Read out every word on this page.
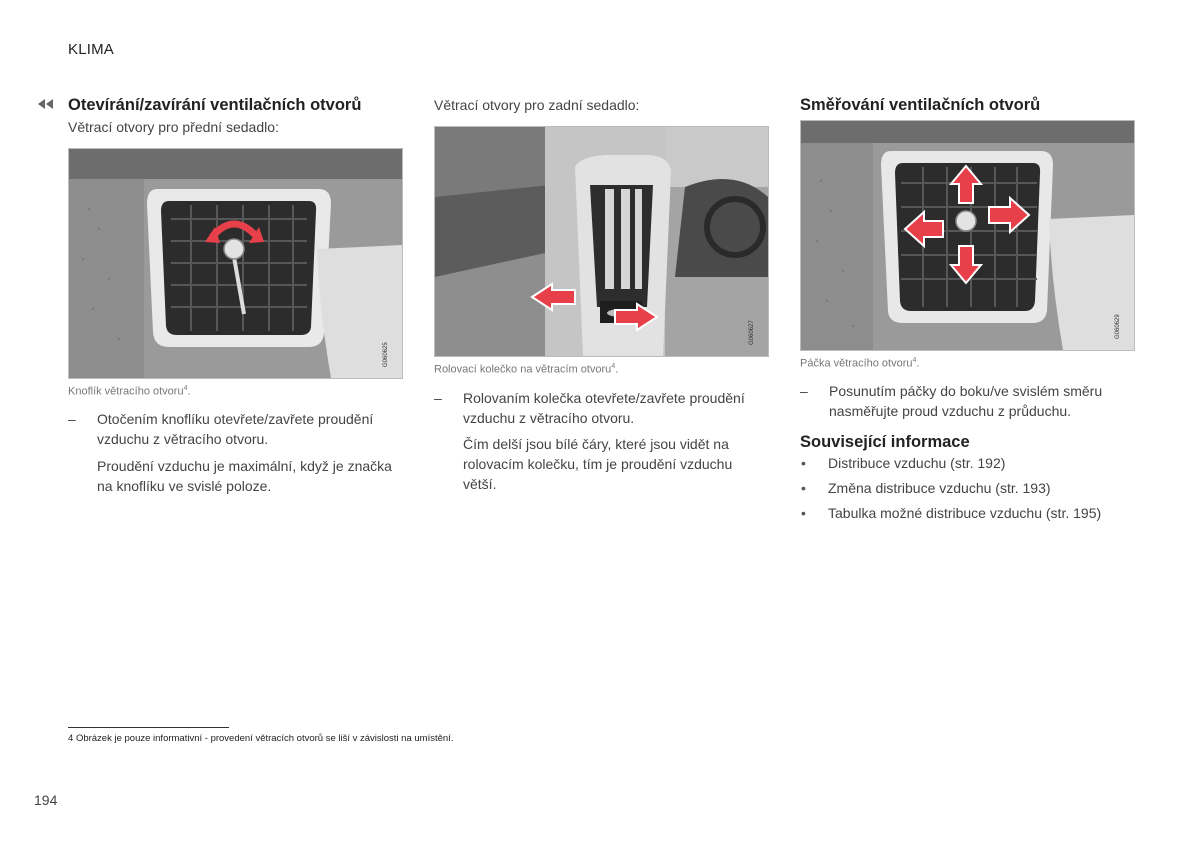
KLIMA
Otevírání/zavírání ventilačních otvorů
Větrací otvory pro přední sedadlo:
G060625
Knoflík větracího otvoru$^4$.
–	Otočením knoflíku otevřete/zavřete proudění vzduchu z větracího otvoru.
Proudění vzduchu je maximální, když je značka na knoflíku ve svislé poloze.
Větrací otvory pro zadní sedadlo:
G060627
Rolovací kolečko na větracím otvoru$^4$.
–	Rolovaním kolečka otevřete/zavřete proudění vzduchu z větracího otvoru.
Čím delší jsou bílé čáry, které jsou vidět na rolovacím kolečku, tím je proudění vzduchu větší.
Směřování ventilačních otvorů
G060629
Páčka větracího otvoru$^4$.
–	Posunutím páčky do boku/ve svislém směru nasměřujte proud vzduchu z průduchu.
Související informace
• Distribuce vzduchu (str. 192)
• Změna distribuce vzduchu (str. 193)
• Tabulka možné distribuce vzduchu (str. 195)
4 Obrázek je pouze informativní - provedení větracích otvorů se liší v závislosti na umístění.
194
